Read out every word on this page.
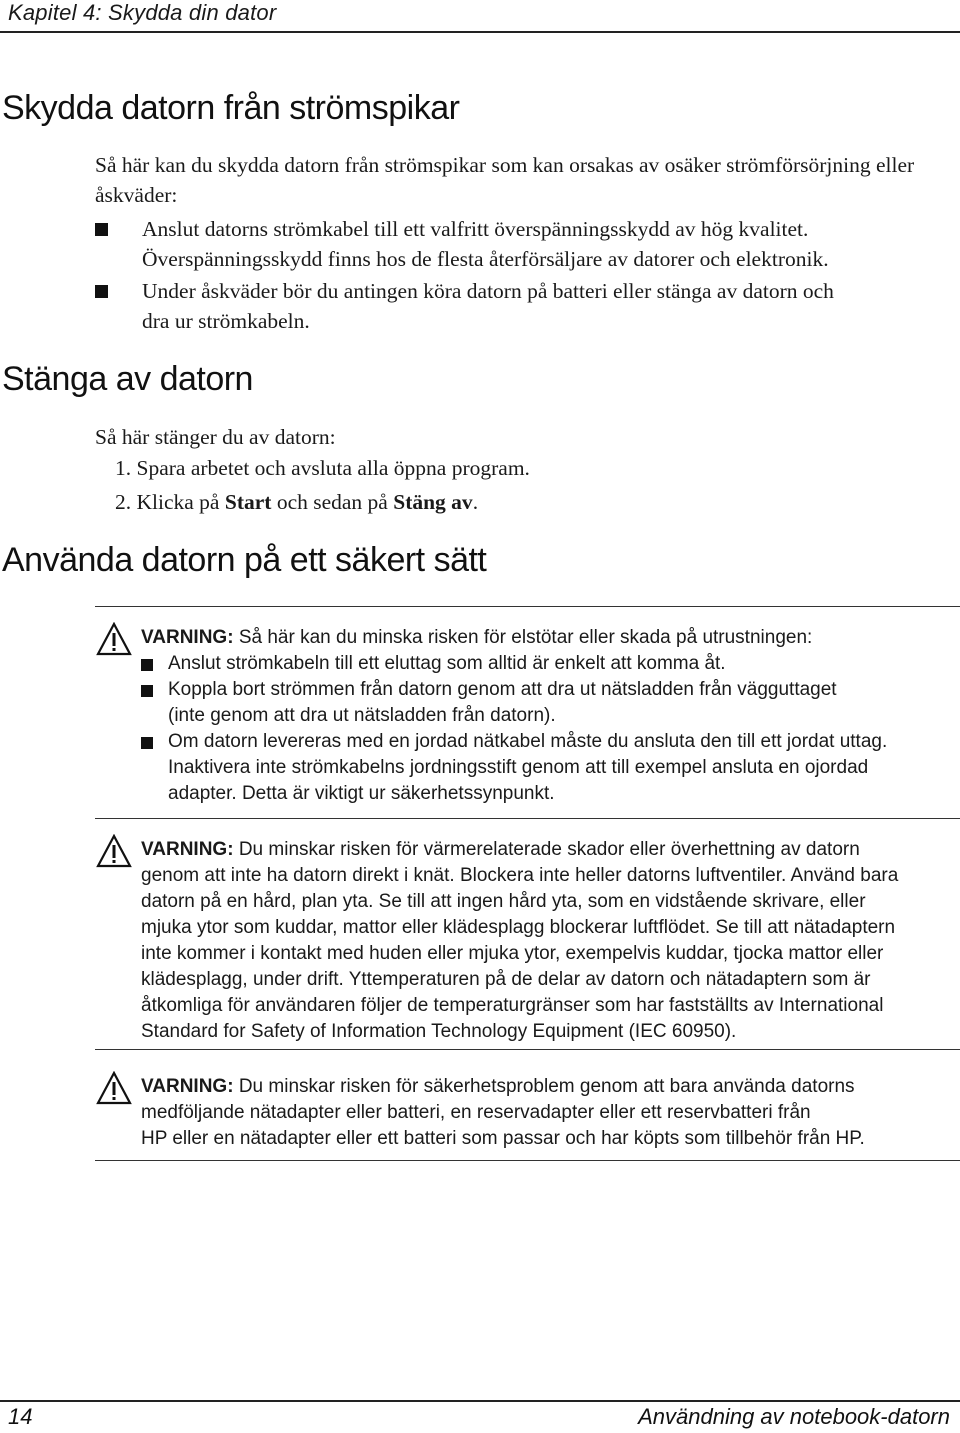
Kapitel 4: Skydda din dator
Skydda datorn från strömspikar
Så här kan du skydda datorn från strömspikar som kan orsakas av osäker strömförsörjning eller åskväder:
Anslut datorns strömkabel till ett valfritt överspänningsskydd av hög kvalitet.
Överspänningsskydd finns hos de flesta återförsäljare av datorer och elektronik.
Under åskväder bör du antingen köra datorn på batteri eller stänga av datorn och
dra ur strömkabeln.
Stänga av datorn
Så här stänger du av datorn:
1. Spara arbetet och avsluta alla öppna program.
2. Klicka på Start och sedan på Stäng av.
Använda datorn på ett säkert sätt
VARNING: Så här kan du minska risken för elstötar eller skada på utrustningen:
Anslut strömkabeln till ett eluttag som alltid är enkelt att komma åt.
Koppla bort strömmen från datorn genom att dra ut nätsladden från vägguttaget
(inte genom att dra ut nätsladden från datorn).
Om datorn levereras med en jordad nätkabel måste du ansluta den till ett jordat uttag.
Inaktivera inte strömkabelns jordningsstift genom att till exempel ansluta en ojordad
adapter. Detta är viktigt ur säkerhetssynpunkt.
VARNING: Du minskar risken för värmerelaterade skador eller överhettning av datorn
genom att inte ha datorn direkt i knät. Blockera inte heller datorns luftventiler. Använd bara
datorn på en hård, plan yta. Se till att ingen hård yta, som en vidstående skrivare, eller
mjuka ytor som kuddar, mattor eller klädesplagg blockerar luftflödet. Se till att nätadaptern
inte kommer i kontakt med huden eller mjuka ytor, exempelvis kuddar, tjocka mattor eller
klädesplagg, under drift. Yttemperaturen på de delar av datorn och nätadaptern som är
åtkomliga för användaren följer de temperaturgränser som har fastställts av International
Standard for Safety of Information Technology Equipment (IEC 60950).
VARNING: Du minskar risken för säkerhetsproblem genom att bara använda datorns
medföljande nätadapter eller batteri, en reservadapter eller ett reservbatteri från
HP eller en nätadapter eller ett batteri som passar och har köpts som tillbehör från HP.
14	Användning av notebook-datorn
